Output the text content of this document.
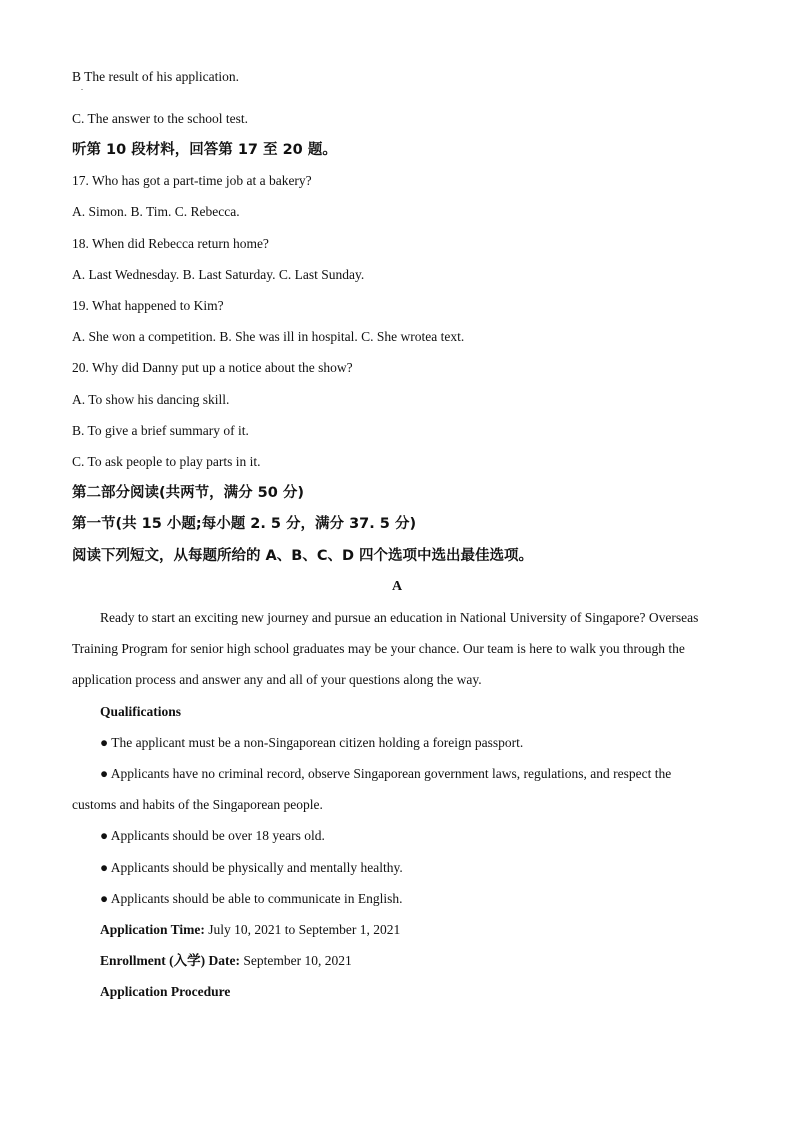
B The result of his application.
.
C. The answer to the school test.
听第 10 段材料，回答第 17 至 20 题。
17. Who has got a part-time job at a bakery?
A. Simon. B. Tim. C. Rebecca.
18. When did Rebecca return home?
A. Last Wednesday. B. Last Saturday. C. Last Sunday.
19. What happened to Kim?
A. She won a competition. B. She was ill in hospital. C. She wrotea text.
20. Why did Danny put up a notice about the show?
A. To show his dancing skill.
B. To give a brief summary of it.
C. To ask people to play parts in it.
第二部分阅读(共两节，满分 50 分)
第一节(共 15 小题;每小题 2. 5 分，满分 37. 5 分)
阅读下列短文，从每题所给的 A、B、C、D 四个选项中选出最佳选项。
A
Ready to start an exciting new journey and pursue an education in National University of Singapore? Overseas
Training Program for senior high school graduates may be your chance. Our team is here to walk you through the
application process and answer any and all of your questions along the way.
Qualifications
● The applicant must be a non-Singaporean citizen holding a foreign passport.
● Applicants have no criminal record, observe Singaporean government laws, regulations, and respect the
customs and habits of the Singaporean people.
● Applicants should be over 18 years old.
● Applicants should be physically and mentally healthy.
● Applicants should be able to communicate in English.
Application Time: July 10, 2021 to September 1, 2021
Enrollment (入学) Date: September 10, 2021
Application Procedure
